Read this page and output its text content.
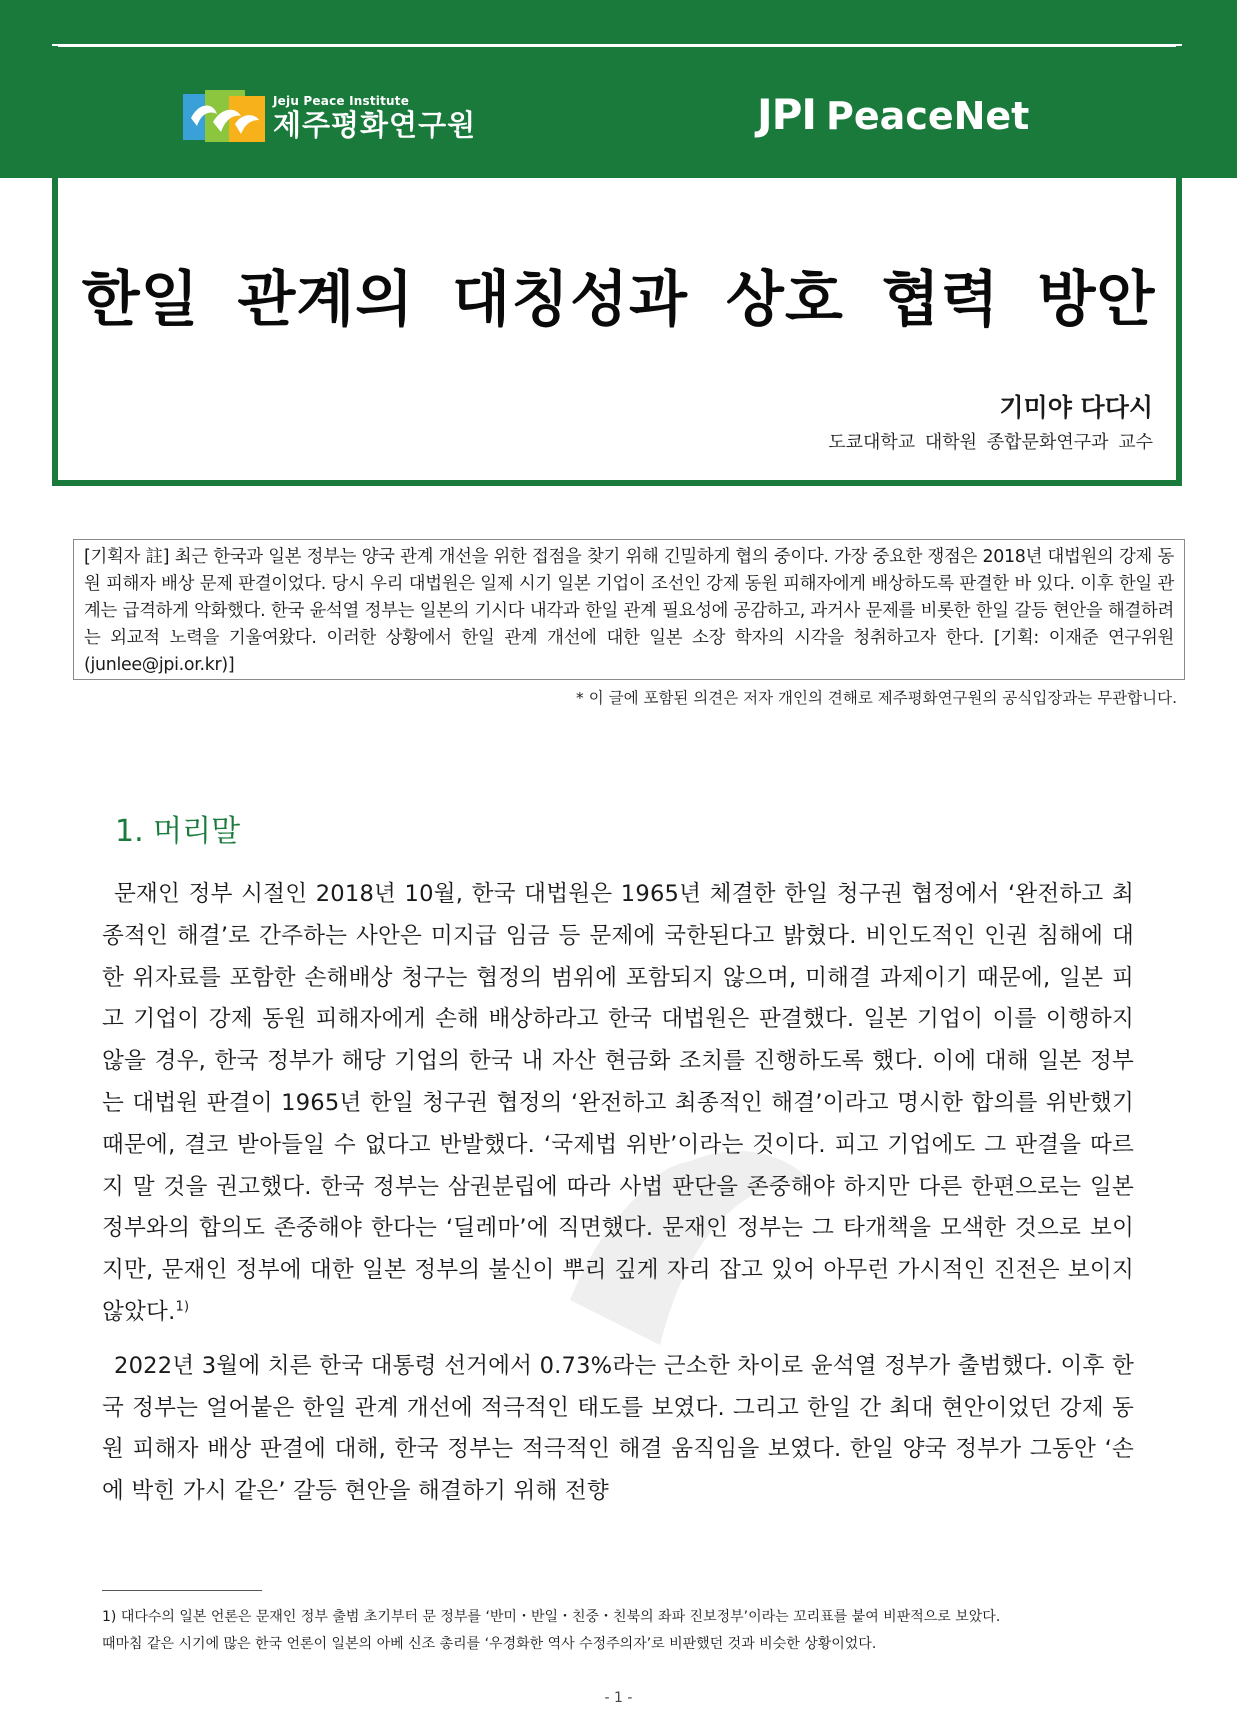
Jeju Peace Institute
제주평화연구원	JPI PeaceNet
한일 관계의 대칭성과 상호 협력 방안
기미야 다다시
도쿄대학교 대학원 종합문화연구과 교수

[기획자 註] 최근 한국과 일본 정부는 양국 관계 개선을 위한 접점을 찾기 위해 긴밀하게 협의 중이다. 가장 중요한 쟁점은 2018년 대법원의 강제 동원 피해자 배상 문제 판결이었다. 당시 우리 대법원은 일제 시기 일본 기업이 조선인 강제 동원 피해자에게 배상하도록 판결한 바 있다. 이후 한일 관계는 급격하게 악화했다. 한국 윤석열 정부는 일본의 기시다 내각과 한일 관계 필요성에 공감하고, 과거사 문제를 비롯한 한일 갈등 현안을 해결하려는 외교적 노력을 기울여왔다. 이러한 상황에서 한일 관계 개선에 대한 일본 소장 학자의 시각을 청취하고자 한다. [기획: 이재준 연구위원(junlee@jpi.or.kr)]

* 이 글에 포함된 의견은 저자 개인의 견해로 제주평화연구원의 공식입장과는 무관합니다.
1. 머리말

문재인 정부 시절인 2018년 10월, 한국 대법원은 1965년 체결한 한일 청구권 협정에서 ‘완전하고 최종적인 해결’로 간주하는 사안은 미지급 임금 등 문제에 국한된다고 밝혔다. 비인도적인 인권 침해에 대한 위자료를 포함한 손해배상 청구는 협정의 범위에 포함되지 않으며, 미해결 과제이기 때문에, 일본 피고 기업이 강제 동원 피해자에게 손해 배상하라고 한국 대법원은 판결했다. 일본 기업이 이를 이행하지 않을 경우, 한국 정부가 해당 기업의 한국 내 자산 현금화 조치를 진행하도록 했다. 이에 대해 일본 정부는 대법원 판결이 1965년 한일 청구권 협정의 ‘완전하고 최종적인 해결’이라고 명시한 합의를 위반했기 때문에, 결코 받아들일 수 없다고 반발했다. ‘국제법 위반’이라는 것이다. 피고 기업에도 그 판결을 따르지 말 것을 권고했다. 한국 정부는 삼권분립에 따라 사법 판단을 존중해야 하지만 다른 한편으로는 일본 정부와의 합의도 존중해야 한다는 ‘딜레마’에 직면했다. 문재인 정부는 그 타개책을 모색한 것으로 보이지만, 문재인 정부에 대한 일본 정부의 불신이 뿌리 깊게 자리 잡고 있어 아무런 가시적인 진전은 보이지 않았다.$^{1)}$

2022년 3월에 치른 한국 대통령 선거에서 0.73%라는 근소한 차이로 윤석열 정부가 출범했다. 이후 한국 정부는 얼어붙은 한일 관계 개선에 적극적인 태도를 보였다. 그리고 한일 간 최대 현안이었던 강제 동원 피해자 배상 판결에 대해, 한국 정부는 적극적인 해결 움직임을 보였다. 한일 양국 정부가 그동안 ‘손에 박힌 가시 같은’ 갈등 현안을 해결하기 위해 전향

1) 대다수의 일본 언론은 문재인 정부 출범 초기부터 문 정부를 ‘반미・반일・친중・친북의 좌파 진보정부’이라는 꼬리표를 붙여 비판적으로 보았다.

때마침 같은 시기에 많은 한국 언론이 일본의 아베 신조 총리를 ‘우경화한 역사 수정주의자’로 비판했던 것과 비슷한 상황이었다.

- 1 -
